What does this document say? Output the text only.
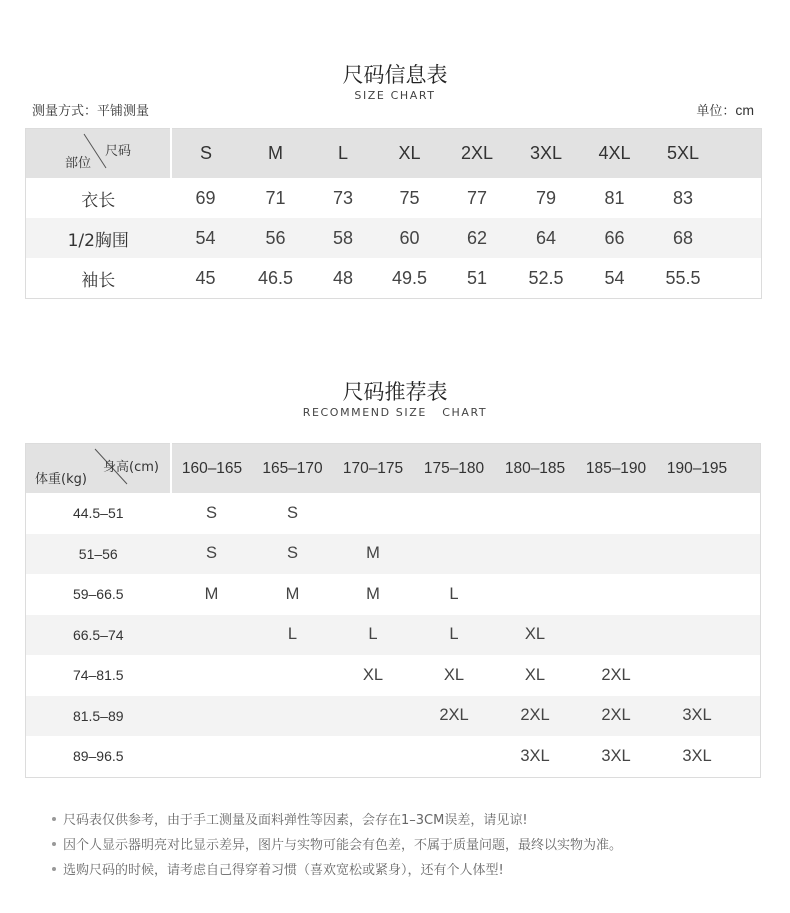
尺码信息表
SIZE CHART
测量方式：平铺测量	单位：cm
尺码
部位	S	M	L	XL	2XL	3XL	4XL	5XL	
衣长	69	71	73	75	77	79	81	83	
1/2胸围	54	56	58	60	62	64	66	68	
袖长	45	46.5	48	49.5	51	52.5	54	55.5	
尺码推荐表
RECOMMEND SIZE   CHART
身高(cm)
体重(kg)	160–165	165–170	170–175	175–180	180–185	185–190	190–195	
44.5–51	S	S						
51–56	S	S	M					
59–66.5	M	M	M	L				
66.5–74		L	L	L	XL			
74–81.5			XL	XL	XL	2XL		
81.5–89				2XL	2XL	2XL	3XL	
89–96.5					3XL	3XL	3XL	
尺码表仅供参考，由于手工测量及面料弹性等因素，会存在1–3CM误差，请见谅!
因个人显示器明亮对比显示差异，图片与实物可能会有色差，不属于质量问题，最终以实物为准。
选购尺码的时候，请考虑自己得穿着习惯（喜欢宽松或紧身），还有个人体型!
